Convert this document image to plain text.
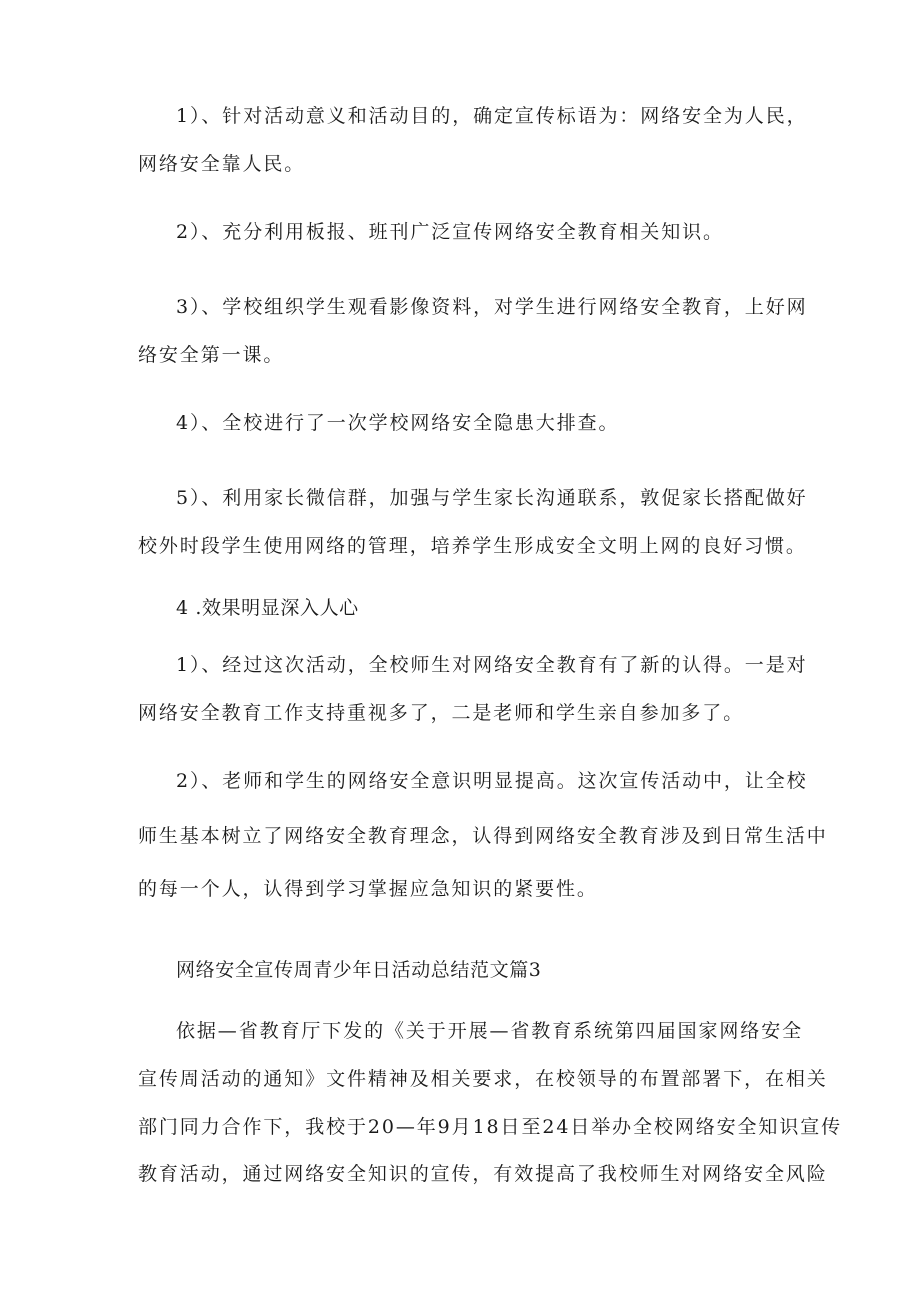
1）、针对活动意义和活动目的，确定宣传标语为：网络安全为人民，
网络安全靠人民。
2）、充分利用板报、班刊广泛宣传网络安全教育相关知识。
3）、学校组织学生观看影像资料，对学生进行网络安全教育，上好网
络安全第一课。
4）、全校进行了一次学校网络安全隐患大排查。
5）、利用家长微信群，加强与学生家长沟通联系，敦促家长搭配做好
校外时段学生使用网络的管理，培养学生形成安全文明上网的良好习惯。
4 .效果明显深入人心
1）、经过这次活动，全校师生对网络安全教育有了新的认得。一是对
网络安全教育工作支持重视多了，二是老师和学生亲自参加多了。
2）、老师和学生的网络安全意识明显提高。这次宣传活动中，让全校
师生基本树立了网络安全教育理念，认得到网络安全教育涉及到日常生活中
的每一个人，认得到学习掌握应急知识的紧要性。
网络安全宣传周青少年日活动总结范文篇3
依据—省教育厅下发的《关于开展—省教育系统第四届国家网络安全
宣传周活动的通知》文件精神及相关要求，在校领导的布置部署下，在相关
部门同力合作下，我校于20—年9月18日至24日举办全校网络安全知识宣传
教育活动，通过网络安全知识的宣传，有效提高了我校师生对网络安全风险
